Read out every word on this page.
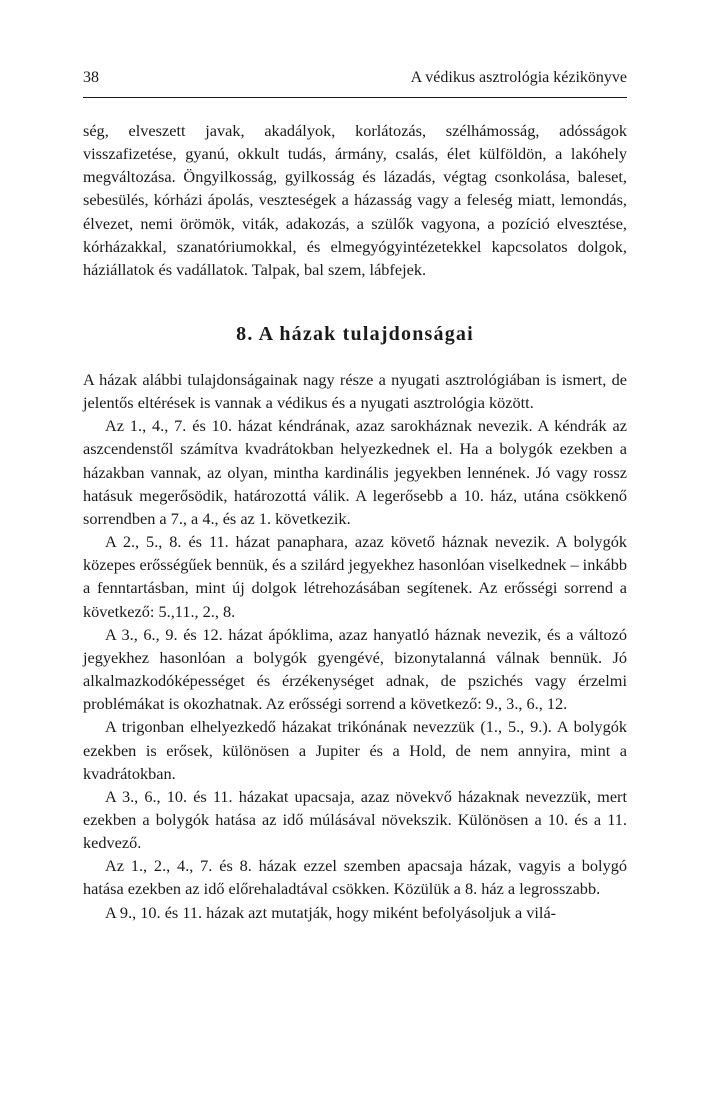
38	A védikus asztrológia kézikönyve

ség, elveszett javak, akadályok, korlátozás, szélhámosság, adósságok visszafizetése, gyanú, okkult tudás, ármány, csalás, élet külföldön, a lakóhely megváltozása. Öngyilkosság, gyilkosság és lázadás, végtag csonkolása, baleset, sebesülés, kórházi ápolás, veszteségek a házasság vagy a feleség miatt, lemondás, élvezet, nemi örömök, viták, adakozás, a szülők vagyona, a pozíció elvesztése, kórházakkal, szanatóriumokkal, és elmegyógyintézetekkel kapcsolatos dolgok, háziállatok és vadállatok. Talpak, bal szem, lábfejek.

8. A házak tulajdonságai

A házak alábbi tulajdonságainak nagy része a nyugati asztrológiában is ismert, de jelentős eltérések is vannak a védikus és a nyugati asztrológia között.

Az 1., 4., 7. és 10. házat kéndrának, azaz sarokháznak nevezik. A kéndrák az aszcendenstől számítva kvadrátokban helyezkednek el. Ha a bolygók ezekben a házakban vannak, az olyan, mintha kardinális jegyekben lennének. Jó vagy rossz hatásuk megerősödik, határozottá válik. A legerősebb a 10. ház, utána csökkenő sorrendben a 7., a 4., és az 1. következik.

A 2., 5., 8. és 11. házat panaphara, azaz követő háznak nevezik. A bolygók közepes erősségűek bennük, és a szilárd jegyekhez hasonlóan viselkednek – inkább a fenntartásban, mint új dolgok létrehozásában segítenek. Az erősségi sorrend a következő: 5.,11., 2., 8.

A 3., 6., 9. és 12. házat ápóklima, azaz hanyatló háznak nevezik, és a változó jegyekhez hasonlóan a bolygók gyengévé, bizonytalanná válnak bennük. Jó alkalmazkodóképességet és érzékenységet adnak, de pszichés vagy érzelmi problémákat is okozhatnak. Az erősségi sorrend a következő: 9., 3., 6., 12.

A trigonban elhelyezkedő házakat trikónának nevezzük (1., 5., 9.). A bolygók ezekben is erősek, különösen a Jupiter és a Hold, de nem annyira, mint a kvadrátokban.

A 3., 6., 10. és 11. házakat upacsaja, azaz növekvő házaknak nevezzük, mert ezekben a bolygók hatása az idő múlásával növekszik. Különösen a 10. és a 11. kedvező.

Az 1., 2., 4., 7. és 8. házak ezzel szemben apacsaja házak, vagyis a bolygó hatása ezekben az idő előrehaladtával csökken. Közülük a 8. ház a legrosszabb.

A 9., 10. és 11. házak azt mutatják, hogy miként befolyásoljuk a vilá-
